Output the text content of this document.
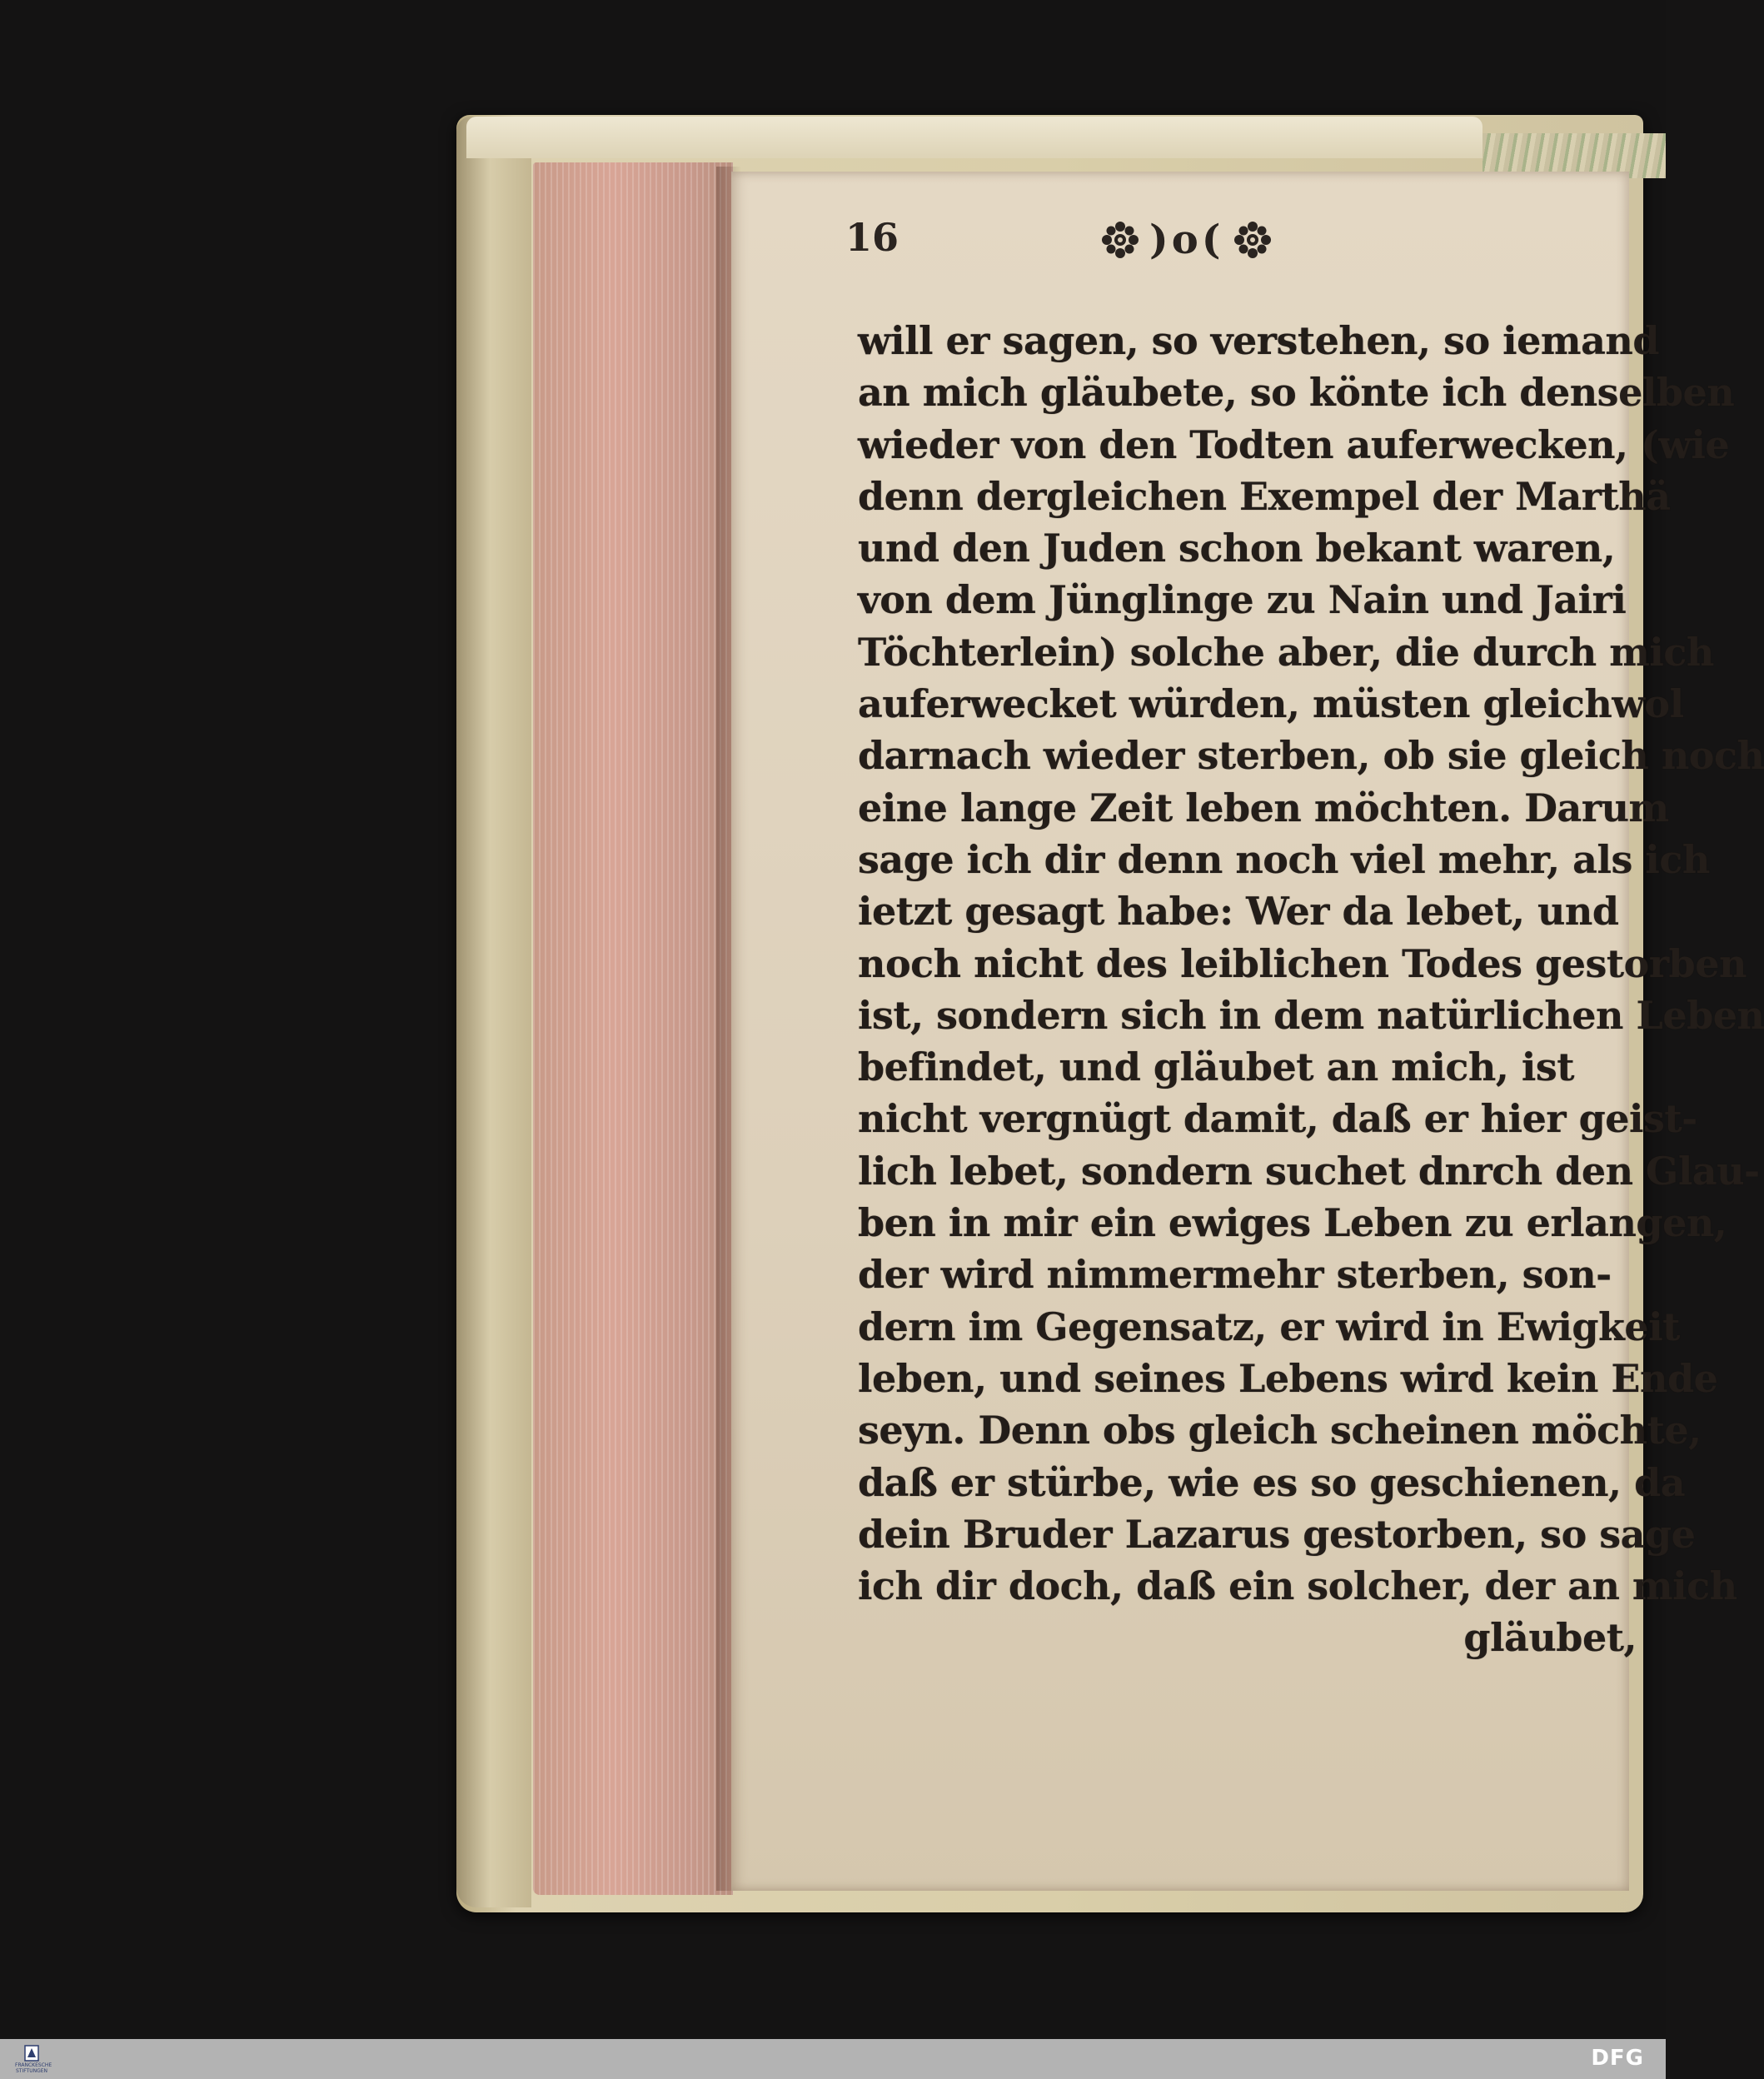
16	)o(
will er sagen, so verstehen, so iemand
an mich gläubete, so könte ich denselben
wieder von den Todten auferwecken, (wie
denn dergleichen Exempel der Marthä
und den Juden schon bekant waren,
von dem Jünglinge zu Nain und Jairi
Töchterlein) solche aber, die durch mich
auferwecket würden, müsten gleichwol
darnach wieder sterben, ob sie gleich noch
eine lange Zeit leben möchten. Darum
sage ich dir denn noch viel mehr, als ich
ietzt gesagt habe: Wer da lebet, und
noch nicht des leiblichen Todes gestorben
ist, sondern sich in dem natürlichen Leben
befindet, und gläubet an mich, ist
nicht vergnügt damit, daß er hier geist-
lich lebet, sondern suchet dnrch den Glau-
ben in mir ein ewiges Leben zu erlangen,
der wird nimmermehr sterben, son-
dern im Gegensatz, er wird in Ewigkeit
leben, und seines Lebens wird kein Ende
seyn. Denn obs gleich scheinen möchte,
daß er stürbe, wie es so geschienen, da
dein Bruder Lazarus gestorben, so sage
ich dir doch, daß ein solcher, der an mich
gläubet,
FRANCKESCHE STIFTUNGEN
DFG
